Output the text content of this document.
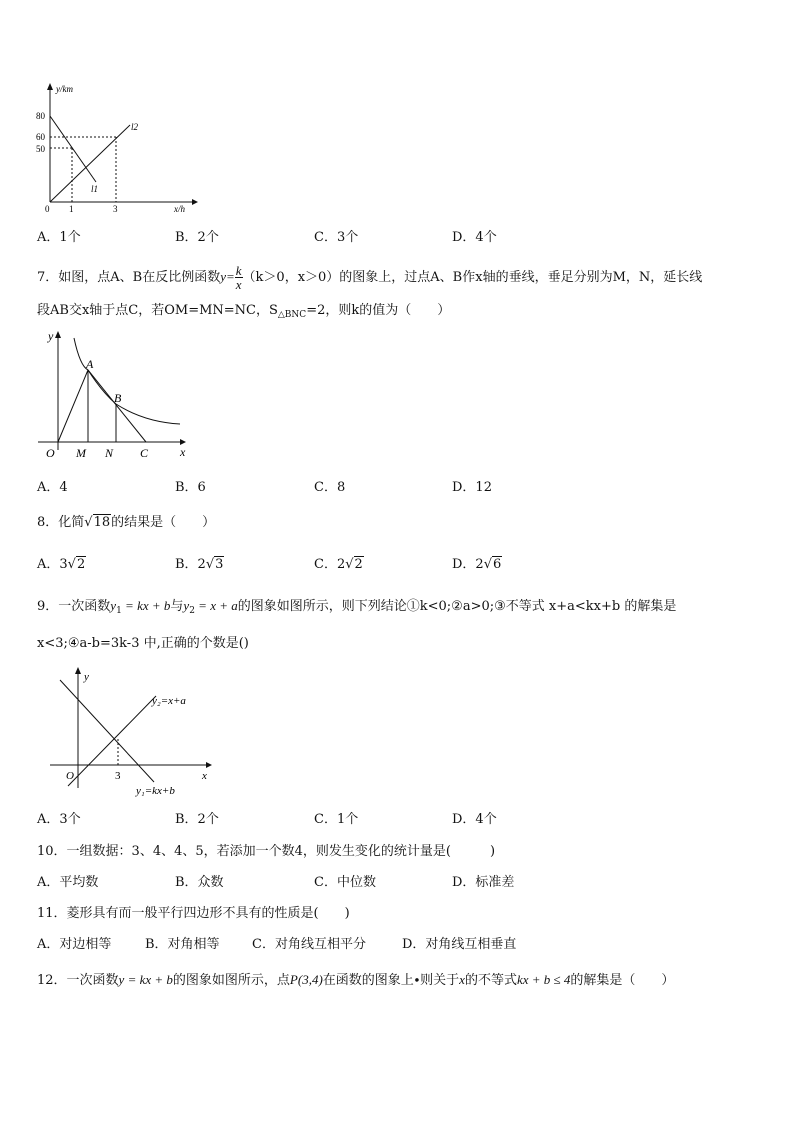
y/km
x/h
80
60
50
0 1	3
l1
l2
A．1个	B．2个	C．3个	D．4个
7．如图，点A、B在反比例函数$y= \frac{k}{x} (k>0$，x＞0）的图象上，过点A、B作x轴的垂线，垂足分别为M，N，延长线
段AB交x轴于点C，若OM=MN=NC，$S_{\triangle BNC}=2$，则k的值为（　　）
y
x
O M N C
A
B
A．4	B．6	C．8	D．12
8．化简√18的结果是（　　）
A．3√2	B．2√3	C．2√2	D．2√6
9．一次函数$y_1$ = kx + b与$y_2 = x + a$的图象如图所示，则下列结论①k<0;②a>0;③不等式 x+a<kx+b 的解集是
x<3;④a-b=3k-3 中,正确的个数是()
y
x
O	3
y₂=x+a
y₁=kx+b
A．3个	B．2个	C．1个	D．4个
10．一组数据：3、4、4、5，若添加一个数4，则发生变化的统计量是(　　　)
A．平均数	B．众数	C．中位数	D．标准差
11．菱形具有而一般平行四边形不具有的性质是(　　)
A．对边相等	B．对角相等 C．对角线互相平分	D．对角线互相垂直
12．一次函数y = kx + b的图象如图所示，点P(3,4)在函数的图象上∙则关于x的不等式kx + b ≤ 4的解集是（　　）
